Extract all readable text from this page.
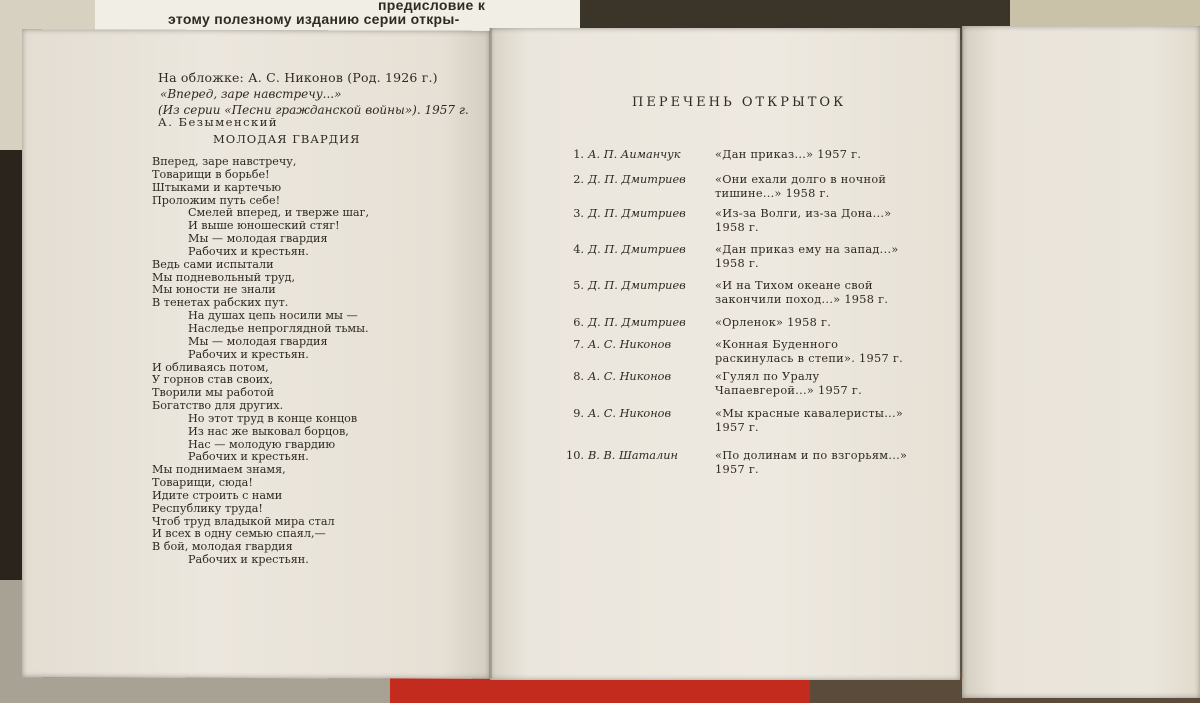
предисловие к
этому полезному изданию серии откры-
На обложке: А. С. Никонов (Род. 1926 г.)
«Вперед, заре навстречу...»
(Из серии «Песни гражданской войны»). 1957 г.
А. Безыменский
МОЛОДАЯ ГВАРДИЯ
Вперед, заре навстречу,
Товарищи в борьбе!
Штыками и картечью
Проложим путь себе!
Смелей вперед, и тверже шаг,
И выше юношеский стяг!
Мы — молодая гвардия
Рабочих и крестьян.
Ведь сами испытали
Мы подневольный труд,
Мы юности не знали
В тенетах рабских пут.
На душах цепь носили мы —
Наследье непроглядной тьмы.
Мы — молодая гвардия
Рабочих и крестьян.
И обливаясь потом,
У горнов став своих,
Творили мы работой
Богатство для других.
Но этот труд в конце концов
Из нас же выковал борцов,
Нас — молодую гвардию
Рабочих и крестьян.
Мы поднимаем знамя,
Товарищи, сюда!
Идите строить с нами
Республику труда!
Чтоб труд владыкой мира стал
И всех в одну семью спаял,—
В бой, молодая гвардия
Рабочих и крестьян.
ПЕРЕЧЕНЬ ОТКРЫТОК
1. А. П. Аиманчук	«Дан приказ...» 1957 г.
2. Д. П. Дмитриев	«Они ехали долго в ночной тишине...» 1958 г.
3. Д. П. Дмитриев	«Из-за Волги, из-за Дона...» 1958 г.
4. Д. П. Дмитриев	«Дан приказ ему на запад...» 1958 г.
5. Д. П. Дмитриев	«И на Тихом океане свой закончили поход...» 1958 г.
6. Д. П. Дмитриев	«Орленок» 1958 г.
7. А. С. Никонов	«Конная Буденного раскинулась в степи». 1957 г.
8. А. С. Никонов	«Гулял по Уралу Чапаевгерой...» 1957 г.
9. А. С. Никонов	«Мы красные кавалеристы...» 1957 г.
10. В. В. Шаталин	«По долинам и по взгорьям...» 1957 г.
